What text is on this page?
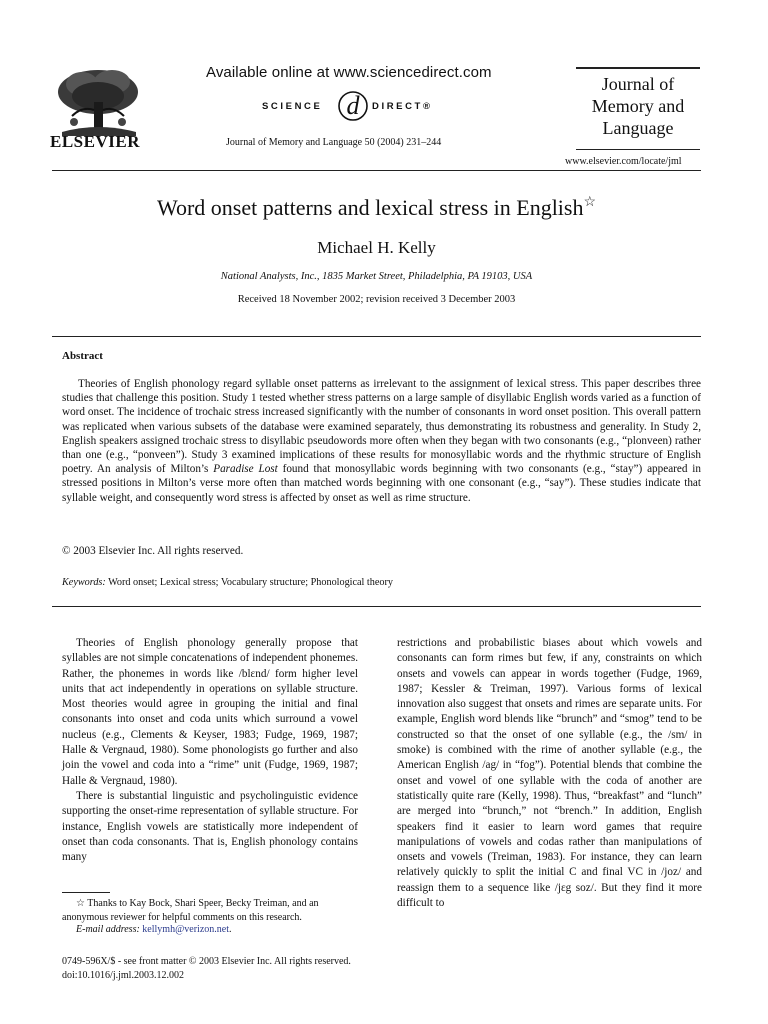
ELSEVIER
Available online at www.sciencedirect.com
SCIENCE d DIRECT®
Journal of Memory and Language 50 (2004) 231–244
Journal of
Memory and
Language
www.elsevier.com/locate/jml
Word onset patterns and lexical stress in English☆
Michael H. Kelly
National Analysts, Inc., 1835 Market Street, Philadelphia, PA 19103, USA
Received 18 November 2002; revision received 3 December 2003
Abstract
Theories of English phonology regard syllable onset patterns as irrelevant to the assignment of lexical stress. This paper describes three studies that challenge this position. Study 1 tested whether stress patterns on a large sample of disyllabic English words varied as a function of word onset. The incidence of trochaic stress increased significantly with the number of consonants in word onset position. This overall pattern was replicated when various subsets of the database were examined separately, thus demonstrating its robustness and generality. In Study 2, English speakers assigned trochaic stress to disyllabic pseudowords more often when they began with two consonants (e.g., “plonveen) rather than one (e.g., “ponveen”). Study 3 examined implications of these results for monosyllabic words and the rhythmic structure of English poetry. An analysis of Milton’s Paradise Lost found that monosyllabic words beginning with two consonants (e.g., “stay”) appeared in stressed positions in Milton’s verse more often than matched words beginning with one consonant (e.g., “say”). These studies indicate that syllable weight, and consequently word stress is affected by onset as well as rime structure.
© 2003 Elsevier Inc. All rights reserved.
Keywords: Word onset; Lexical stress; Vocabulary structure; Phonological theory

Theories of English phonology generally propose that syllables are not simple concatenations of independent phonemes. Rather, the phonemes in words like /blɛnd/ form higher level units that act independently in operations on syllable structure. Most theories would agree in grouping the initial and final consonants into onset and coda units which surround a vowel nucleus (e.g., Clements & Keyser, 1983; Fudge, 1969, 1987; Halle & Vergnaud, 1980). Some phonologists go further and also join the vowel and coda into a “rime” unit (Fudge, 1969, 1987; Halle & Vergnaud, 1980).

There is substantial linguistic and psycholinguistic evidence supporting the onset-rime representation of syllable structure. For instance, English vowels are statistically more independent of onset than coda consonants. That is, English phonology contains many

restrictions and probabilistic biases about which vowels and consonants can form rimes but few, if any, constraints on which onsets and vowels can appear in words together (Fudge, 1969, 1987; Kessler & Treiman, 1997). Various forms of lexical innovation also suggest that onsets and rimes are separate units. For example, English word blends like “brunch” and “smog” tend to be constructed so that the onset of one syllable (e.g., the /sm/ in smoke) is combined with the rime of another syllable (e.g., the American English /ag/ in “fog”). Potential blends that combine the onset and vowel of one syllable with the coda of another are statistically quite rare (Kelly, 1998). Thus, “breakfast” and “lunch” are merged into “brunch,” not “brench.” In addition, English speakers find it easier to learn word games that require manipulations of vowels and codas rather than manipulations of onsets and vowels (Treiman, 1983). For instance, they can learn relatively quickly to split the initial C and final VC in /joz/ and reassign them to a sequence like /jɛg soz/. But they find it more difficult to

☆ Thanks to Kay Bock, Shari Speer, Becky Treiman, and an anonymous reviewer for helpful comments on this research.
E-mail address: kellymh@verizon.net.
0749-596X/$ - see front matter © 2003 Elsevier Inc. All rights reserved.
doi:10.1016/j.jml.2003.12.002
